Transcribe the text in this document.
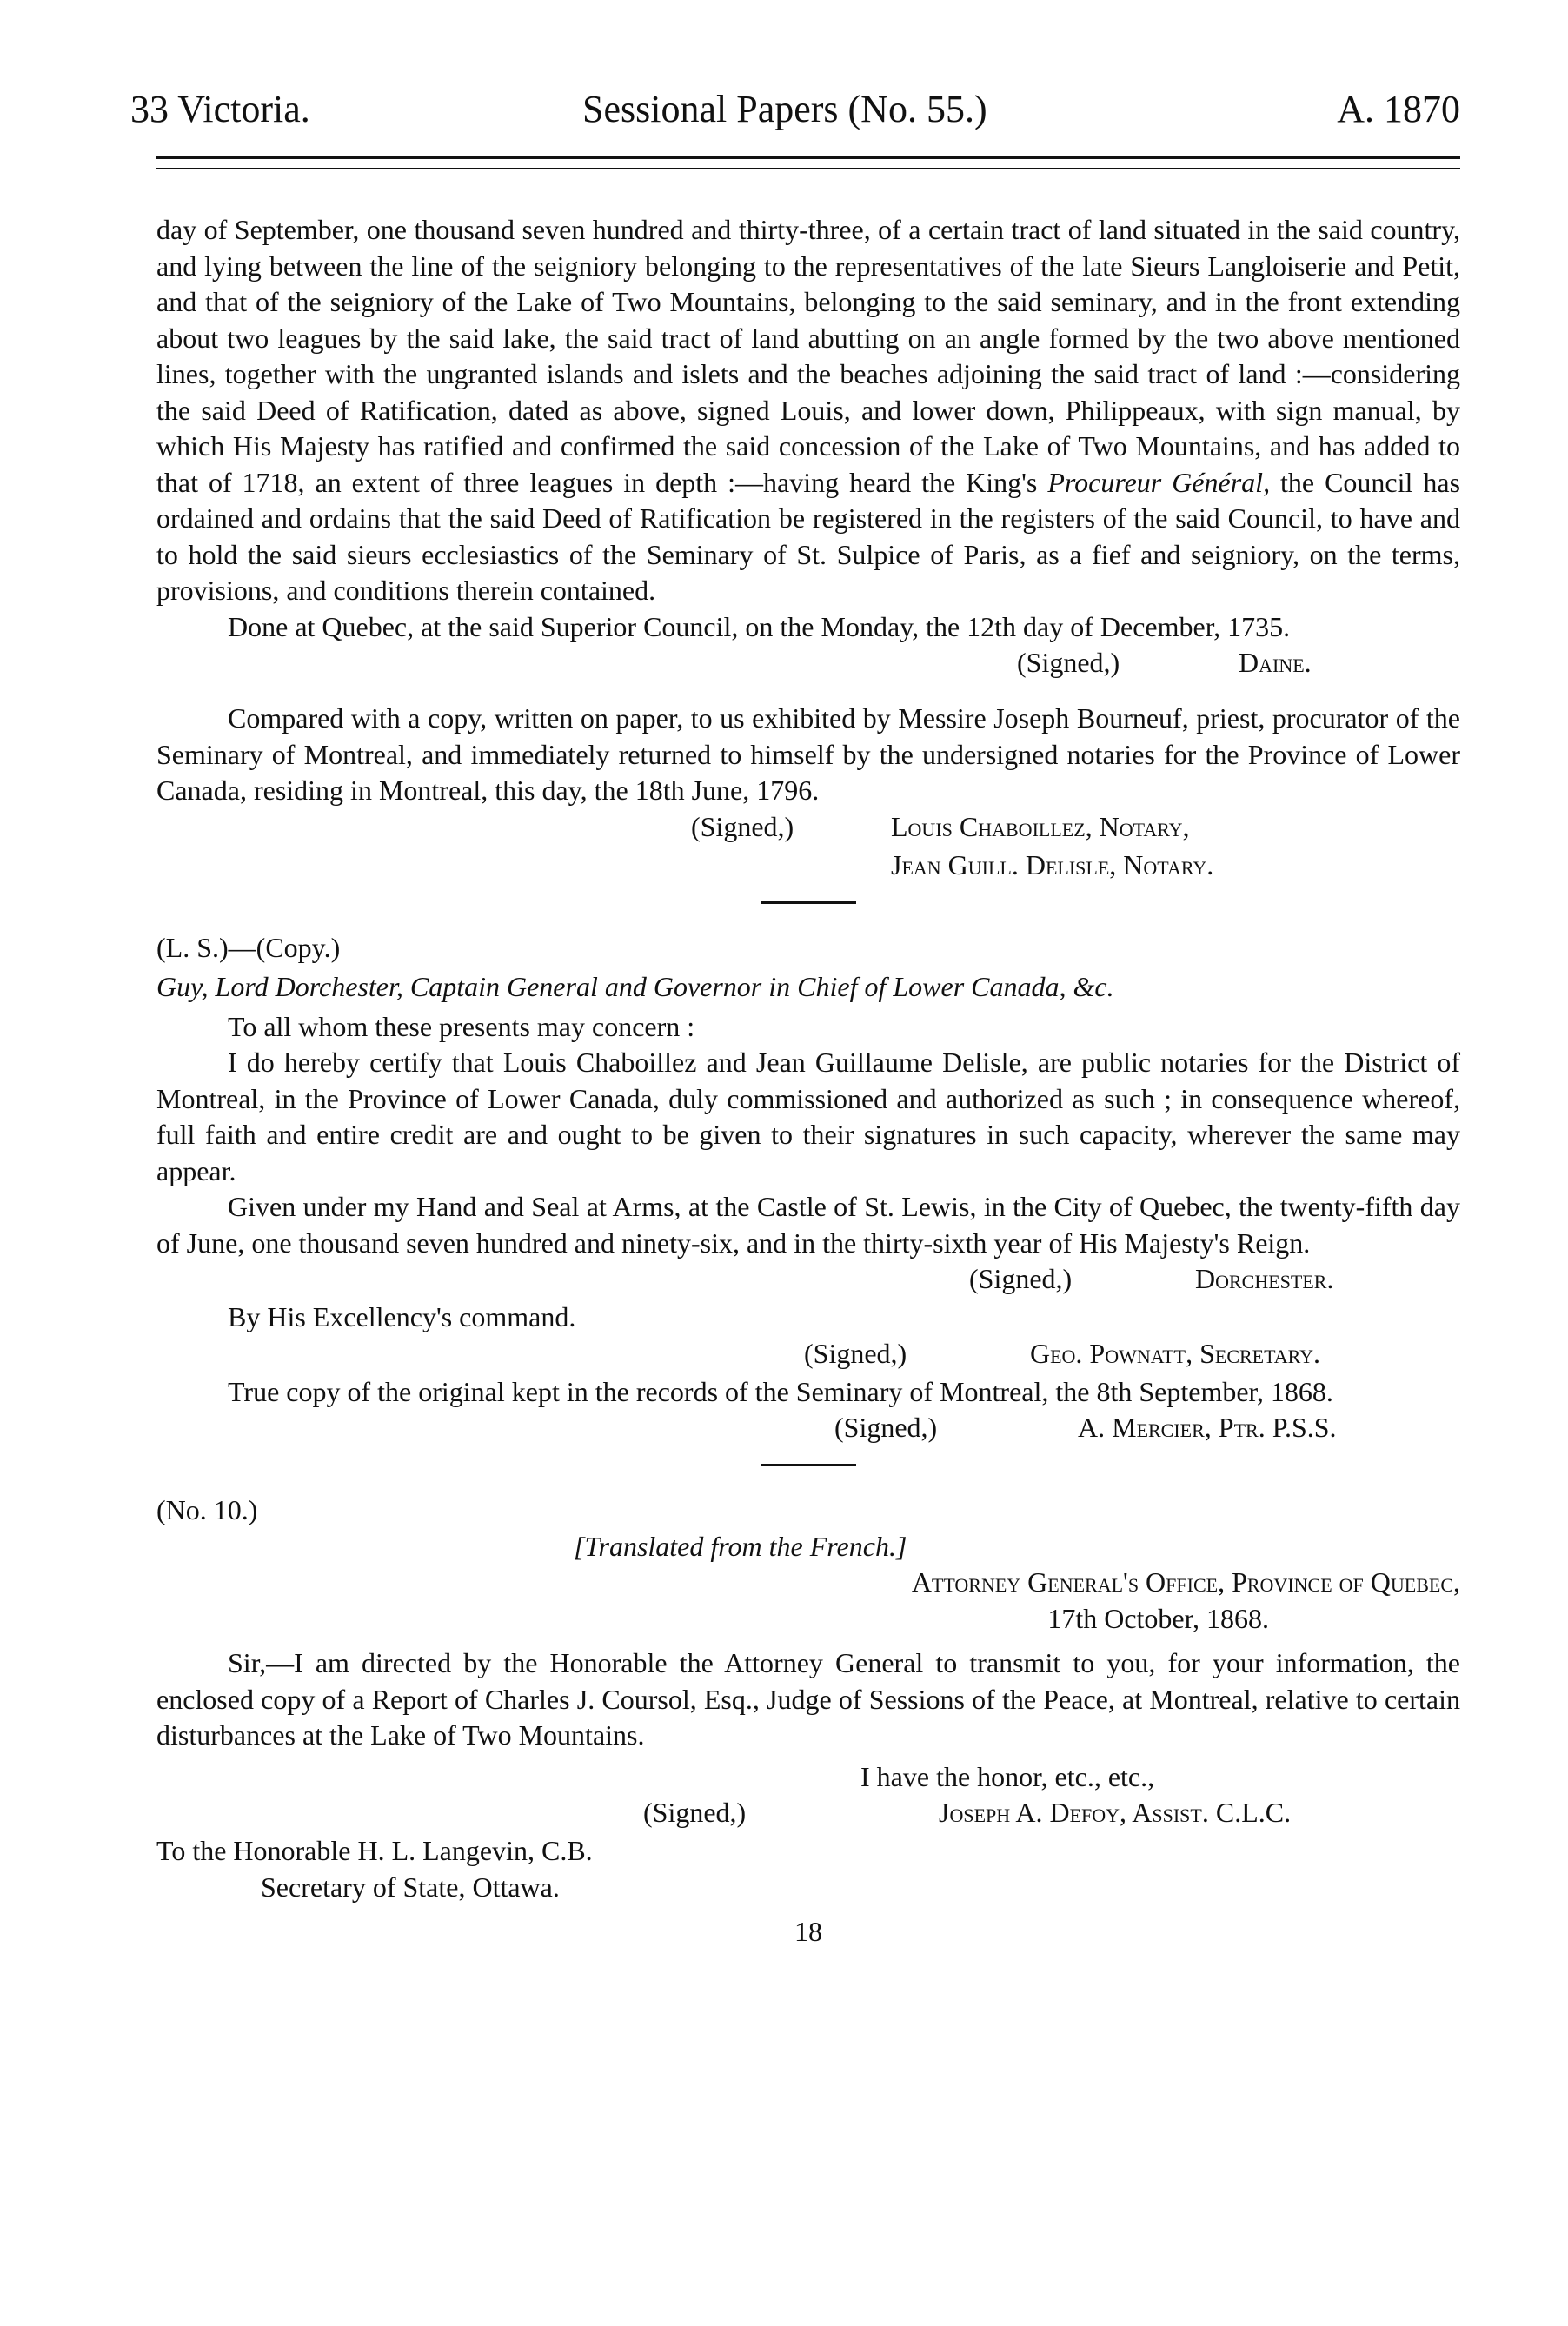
33 Victoria.	Sessional Papers (No. 55.)	A. 1870

day of September, one thousand seven hundred and thirty-three, of a certain tract of land situated in the said country, and lying between the line of the seigniory belonging to the representatives of the late Sieurs Langloiserie and Petit, and that of the seigniory of the Lake of Two Mountains, belonging to the said seminary, and in the front extending about two leagues by the said lake, the said tract of land abutting on an angle formed by the two above mentioned lines, together with the ungranted islands and islets and the beaches adjoining the said tract of land :—considering the said Deed of Ratification, dated as above, signed Louis, and lower down, Philippeaux, with sign manual, by which His Majesty has ratified and confirmed the said concession of the Lake of Two Mountains, and has added to that of 1718, an extent of three leagues in depth :—having heard the King's Procureur Général, the Council has ordained and ordains that the said Deed of Ratification be registered in the registers of the said Council, to have and to hold the said sieurs ecclesiastics of the Seminary of St. Sulpice of Paris, as a fief and seigniory, on the terms, provisions, and conditions therein contained.

Done at Quebec, at the said Superior Council, on the Monday, the 12th day of December, 1735.

(Signed,)	Daine.

Compared with a copy, written on paper, to us exhibited by Messire Joseph Bourneuf, priest, procurator of the Seminary of Montreal, and immediately returned to himself by the undersigned notaries for the Province of Lower Canada, residing in Montreal, this day, the 18th June, 1796.

(Signed,)	Louis Chaboillez, Notary,
Jean Guill. Delisle, Notary.

(L. S.)—(Copy.)

Guy, Lord Dorchester, Captain General and Governor in Chief of Lower Canada, &c.

To all whom these presents may concern :

I do hereby certify that Louis Chaboillez and Jean Guillaume Delisle, are public notaries for the District of Montreal, in the Province of Lower Canada, duly commissioned and authorized as such ; in consequence whereof, full faith and entire credit are and ought to be given to their signatures in such capacity, wherever the same may appear.

Given under my Hand and Seal at Arms, at the Castle of St. Lewis, in the City of Quebec, the twenty-fifth day of June, one thousand seven hundred and ninety-six, and in the thirty-sixth year of His Majesty's Reign.

(Signed,)	Dorchester.

By His Excellency's command.

(Signed,)	Geo. Pownatt, Secretary.

True copy of the original kept in the records of the Seminary of Montreal, the 8th September, 1868.

(Signed,)	A. Mercier, Ptr. P.S.S.

(No. 10.)

[Translated from the French.]

Attorney General's Office, Province of Quebec,

17th October, 1868.

Sir,—I am directed by the Honorable the Attorney General to transmit to you, for your information, the enclosed copy of a Report of Charles J. Coursol, Esq., Judge of Sessions of the Peace, at Montreal, relative to certain disturbances at the Lake of Two Mountains.

I have the honor, etc., etc.,

(Signed,)	Joseph A. Defoy, Assist. C.L.C.

To the Honorable H. L. Langevin, C.B.

Secretary of State, Ottawa.

18
